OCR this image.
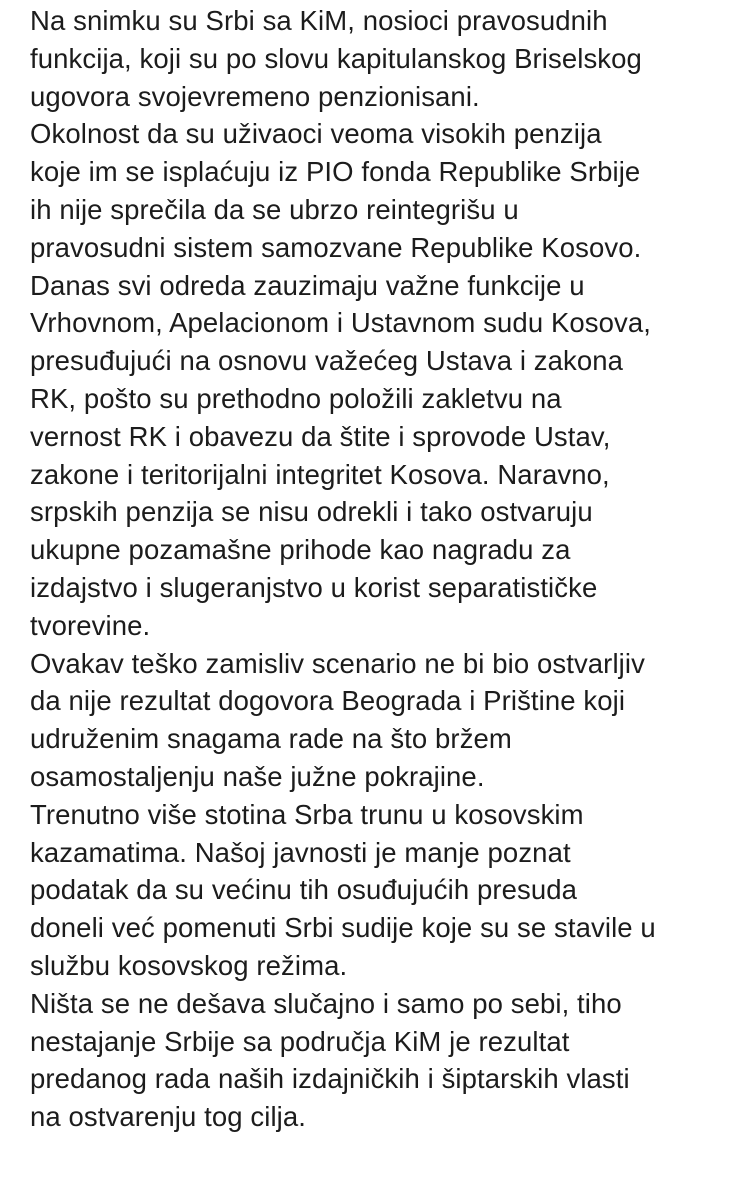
Na snimku su Srbi sa KiM, nosioci pravosudnih
funkcija, koji su po slovu kapitulanskog Briselskog
ugovora svojevremeno penzionisani.
Okolnost da su uživaoci veoma visokih penzija
koje im se isplaćuju iz PIO fonda Republike Srbije
ih nije sprečila da se ubrzo reintegrišu u
pravosudni sistem samozvane Republike Kosovo.
Danas svi odreda zauzimaju važne funkcije u
Vrhovnom, Apelacionom i Ustavnom sudu Kosova,
presuđujući na osnovu važećeg Ustava i zakona
RK, pošto su prethodno položili zakletvu na
vernost RK i obavezu da štite i sprovode Ustav,
zakone i teritorijalni integritet Kosova. Naravno,
srpskih penzija se nisu odrekli i tako ostvaruju
ukupne pozamašne prihode kao nagradu za
izdajstvo i slugeranjstvo u korist separatističke
tvorevine.
Ovakav teško zamisliv scenario ne bi bio ostvarljiv
da nije rezultat dogovora Beograda i Prištine koji
udruženim snagama rade na što bržem
osamostaljenju naše južne pokrajine.
Trenutno više stotina Srba trunu u kosovskim
kazamatima. Našoj javnosti je manje poznat
podatak da su većinu tih osuđujućih presuda
doneli već pomenuti Srbi sudije koje su se stavile u
službu kosovskog režima.
Ništa se ne dešava slučajno i samo po sebi, tiho
nestajanje Srbije sa područja KiM je rezultat
predanog rada naših izdajničkih i šiptarskih vlasti
na ostvarenju tog cilja.
